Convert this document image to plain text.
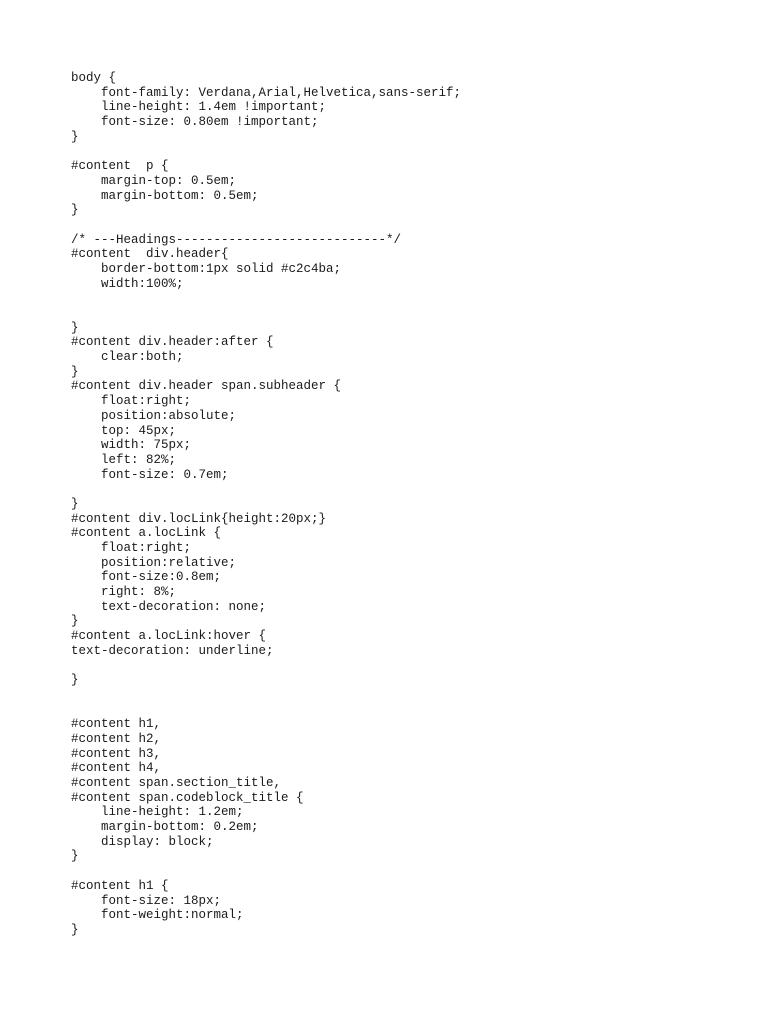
body {
font-family: Verdana,Arial,Helvetica,sans-serif;
line-height: 1.4em !important;
font-size: 0.80em !important;
}
#content  p {
margin-top: 0.5em;
margin-bottom: 0.5em;
}
/* ---Headings----------------------------*/
#content  div.header{
border-bottom:1px solid #c2c4ba;
width:100%;
}
#content div.header:after {
clear:both;
}
#content div.header span.subheader {
float:right;
position:absolute;
top: 45px;
width: 75px;
left: 82%;
font-size: 0.7em;
}
#content div.locLink{height:20px;}
#content a.locLink {
float:right;
position:relative;
font-size:0.8em;
right: 8%;
text-decoration: none;
}
#content a.locLink:hover {
text-decoration: underline;
}
#content h1,
#content h2,
#content h3,
#content h4,
#content span.section_title,
#content span.codeblock_title {
line-height: 1.2em;
margin-bottom: 0.2em;
display: block;
}
#content h1 {
font-size: 18px;
font-weight:normal;
}
